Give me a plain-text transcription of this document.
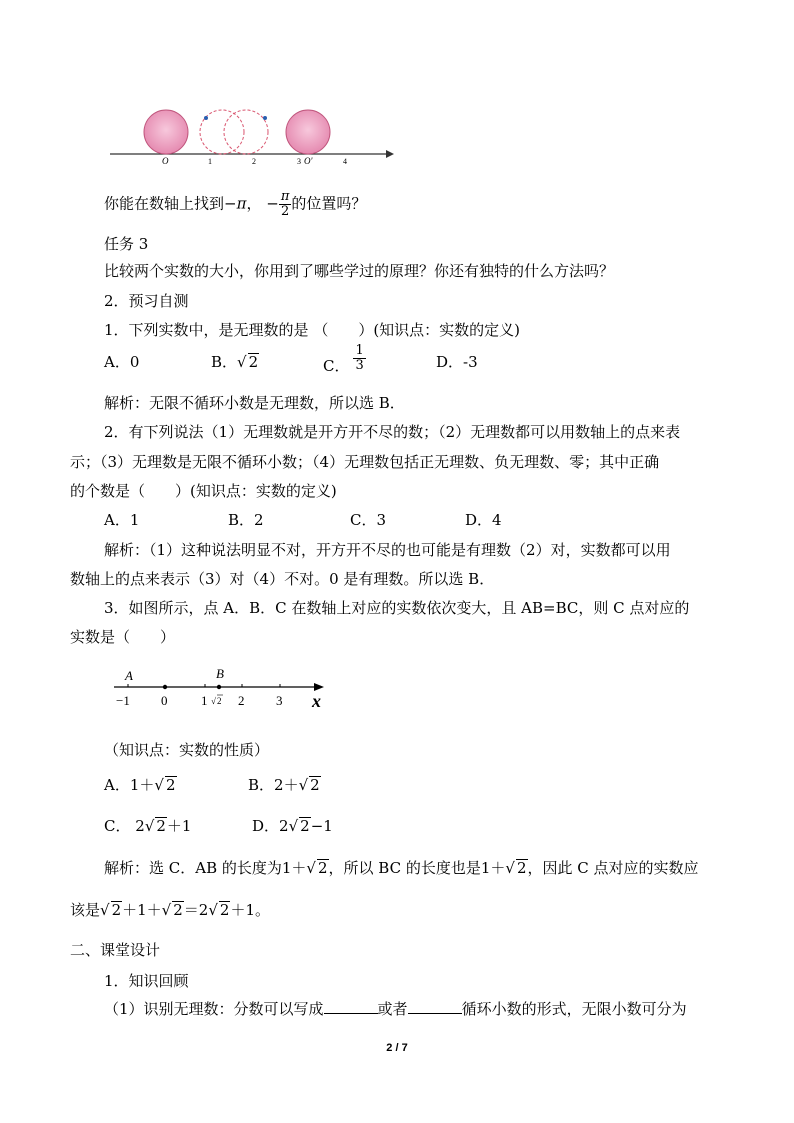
O	1	2	3 O'	4
你能在数轴上找到−π， − $\frac{\pi}{2}$ 的位置吗？
任务 3
比较两个实数的大小，你用到了哪些学过的原理？你还有独特的什么方法吗？
2．预习自测
1．下列实数中，是无理数的是 （　　）(知识点：实数的定义)
A．0	B．√ 2	C． $\frac{1}{3}$	D．-3
解析：无限不循环小数是无理数，所以选 B．
2．有下列说法（1）无理数就是开方开不尽的数；（2）无理数都可以用数轴上的点来表
示；（3）无理数是无限不循环小数；（4）无理数包括正无理数、负无理数、零；其中正确
的个数是（　　）(知识点：实数的定义)
A．1	B．2	C．3	D．4
解析：（1）这种说法明显不对，开方开不尽的也可能是有理数（2）对，实数都可以用
数轴上的点来表示（3）对（4）不对。0 是有理数。所以选 B．
3．如图所示，点 A．B．C 在数轴上对应的实数依次变大，且 AB=BC，则 C 点对应的
实数是（　　）
A	B
−1 0	1 √ 2 2 3 x
（知识点：实数的性质）
A．1＋√ 2	B．2＋√ 2
C． 2√ 2＋1	D．2√ 2−1
解析：选 C．AB 的长度为1＋√ 2，所以 BC 的长度也是1＋√ 2，因此 C 点对应的实数应
该是√ 2＋1＋√ 2＝2√ 2＋1。
二、课堂设计
1．知识回顾
（1）识别无理数：分数可以写成	或者	循环小数的形式，无限小数可分为
2 / 7
